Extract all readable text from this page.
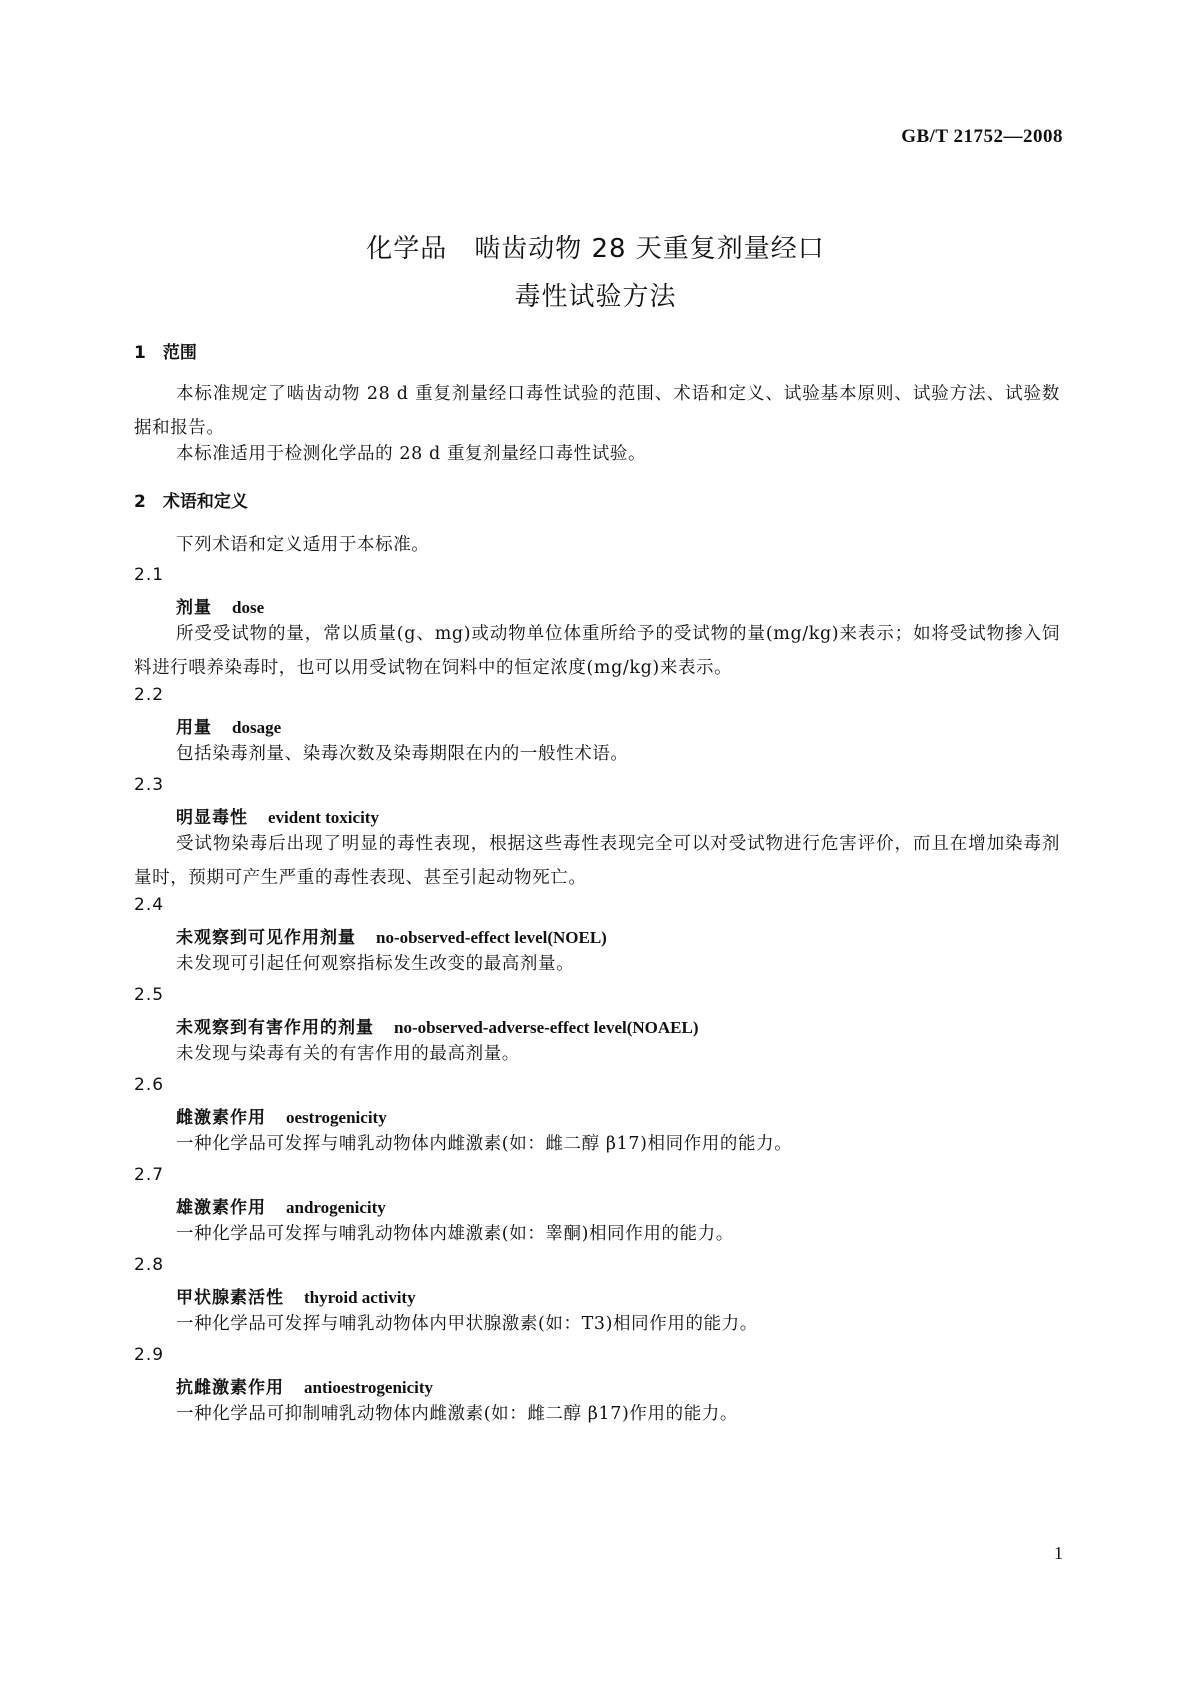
GB/T 21752—2008
化学品　啮齿动物 28 天重复剂量经口
毒性试验方法
1　范围
本标准规定了啮齿动物 28 d 重复剂量经口毒性试验的范围、术语和定义、试验基本原则、试验方法、试验数据和报告。
本标准适用于检测化学品的 28 d 重复剂量经口毒性试验。
2　术语和定义
下列术语和定义适用于本标准。
2.1
剂量 dose
所受受试物的量，常以质量(g、mg)或动物单位体重所给予的受试物的量(mg/kg)来表示；如将受试物掺入饲料进行喂养染毒时，也可以用受试物在饲料中的恒定浓度(mg/kg)来表示。
2.2
用量 dosage
包括染毒剂量、染毒次数及染毒期限在内的一般性术语。
2.3
明显毒性 evident toxicity
受试物染毒后出现了明显的毒性表现，根据这些毒性表现完全可以对受试物进行危害评价，而且在增加染毒剂量时，预期可产生严重的毒性表现、甚至引起动物死亡。
2.4
未观察到可见作用剂量 no-observed-effect level(NOEL)
未发现可引起任何观察指标发生改变的最高剂量。
2.5
未观察到有害作用的剂量 no-observed-adverse-effect level(NOAEL)
未发现与染毒有关的有害作用的最高剂量。
2.6
雌激素作用 oestrogenicity
一种化学品可发挥与哺乳动物体内雌激素(如：雌二醇 β17)相同作用的能力。
2.7
雄激素作用 androgenicity
一种化学品可发挥与哺乳动物体内雄激素(如：睾酮)相同作用的能力。
2.8
甲状腺素活性 thyroid activity
一种化学品可发挥与哺乳动物体内甲状腺激素(如：T3)相同作用的能力。
2.9
抗雌激素作用 antioestrogenicity
一种化学品可抑制哺乳动物体内雌激素(如：雌二醇 β17)作用的能力。
1
